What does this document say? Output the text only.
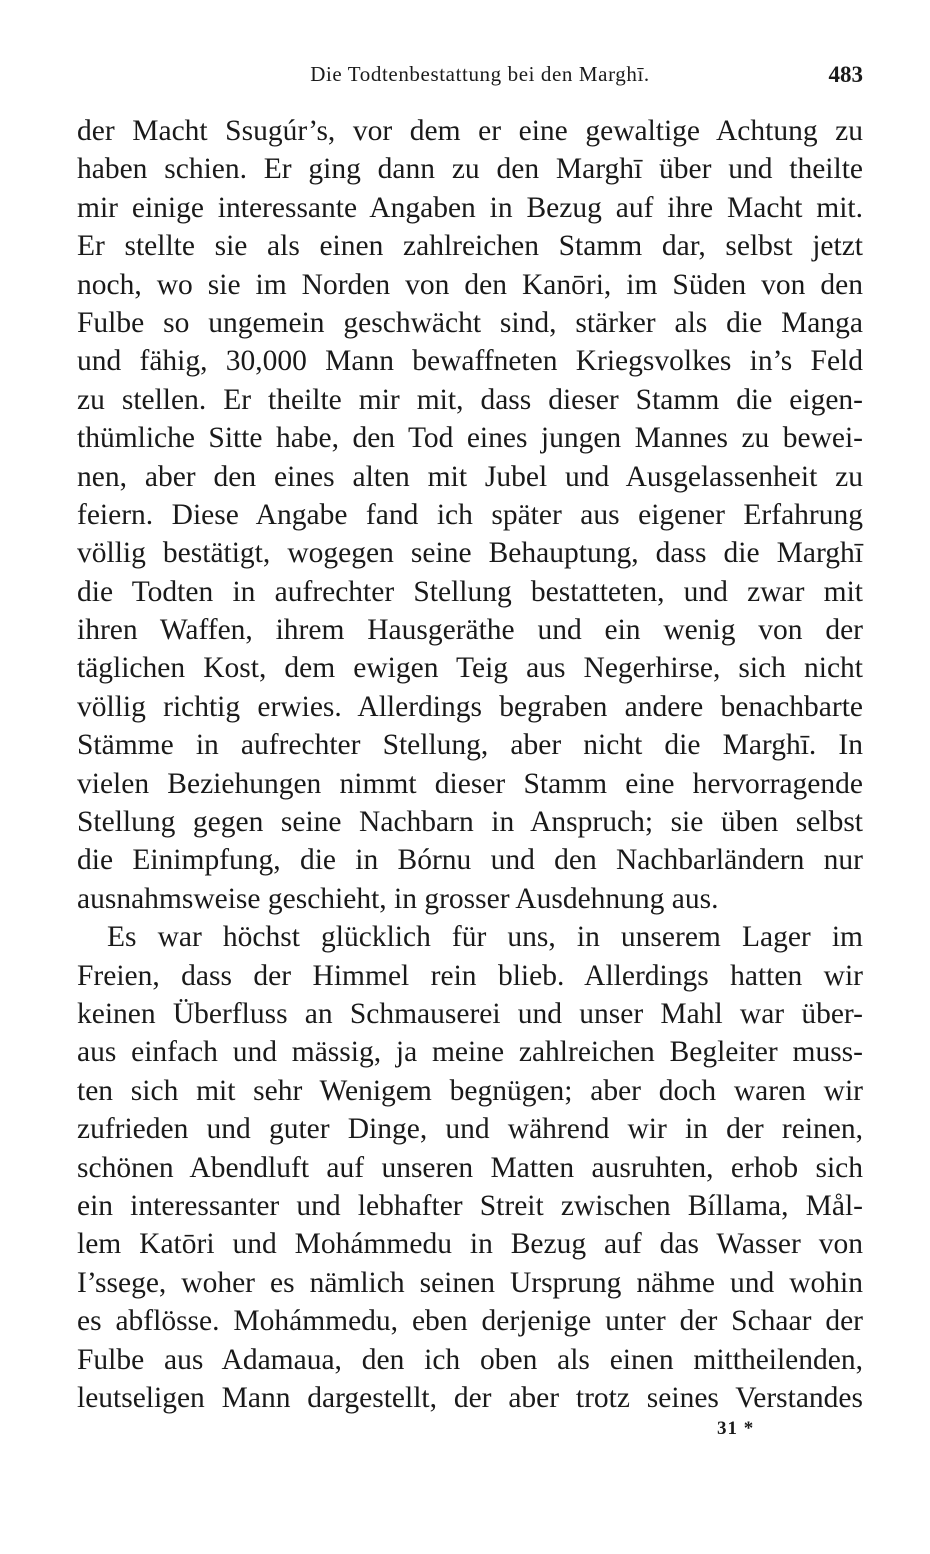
Die Todtenbestattung bei den Marghī.	483
der Macht Ssugúr’s, vor dem er eine gewaltige Achtung zu
haben schien. Er ging dann zu den Marghī über und theilte
mir einige interessante Angaben in Bezug auf ihre Macht mit.
Er stellte sie als einen zahlreichen Stamm dar, selbst jetzt
noch, wo sie im Norden von den Kanōri, im Süden von den
Fulbe so ungemein geschwächt sind, stärker als die Manga
und fähig, 30,000 Mann bewaffneten Kriegsvolkes in’s Feld
zu stellen. Er theilte mir mit, dass dieser Stamm die eigen-
thümliche Sitte habe, den Tod eines jungen Mannes zu bewei-
nen, aber den eines alten mit Jubel und Ausgelassenheit zu
feiern. Diese Angabe fand ich später aus eigener Erfahrung
völlig bestätigt, wogegen seine Behauptung, dass die Marghī
die Todten in aufrechter Stellung bestatteten, und zwar mit
ihren Waffen, ihrem Hausgeräthe und ein wenig von der
täglichen Kost, dem ewigen Teig aus Negerhirse, sich nicht
völlig richtig erwies. Allerdings begraben andere benachbarte
Stämme in aufrechter Stellung, aber nicht die Marghī. In
vielen Beziehungen nimmt dieser Stamm eine hervorragende
Stellung gegen seine Nachbarn in Anspruch; sie üben selbst
die Einimpfung, die in Bórnu und den Nachbarländern nur
ausnahmsweise geschieht, in grosser Ausdehnung aus.
Es war höchst glücklich für uns, in unserem Lager im
Freien, dass der Himmel rein blieb. Allerdings hatten wir
keinen Überfluss an Schmauserei und unser Mahl war über-
aus einfach und mässig, ja meine zahlreichen Begleiter muss-
ten sich mit sehr Wenigem begnügen; aber doch waren wir
zufrieden und guter Dinge, und während wir in der reinen,
schönen Abendluft auf unseren Matten ausruhten, erhob sich
ein interessanter und lebhafter Streit zwischen Bíllama, Mål-
lem Katōri und Mohámmedu in Bezug auf das Wasser von
I’ssege, woher es nämlich seinen Ursprung nähme und wohin
es abflösse. Mohámmedu, eben derjenige unter der Schaar der
Fulbe aus Adamaua, den ich oben als einen mittheilenden,
leutseligen Mann dargestellt, der aber trotz seines Verstandes
31 *
